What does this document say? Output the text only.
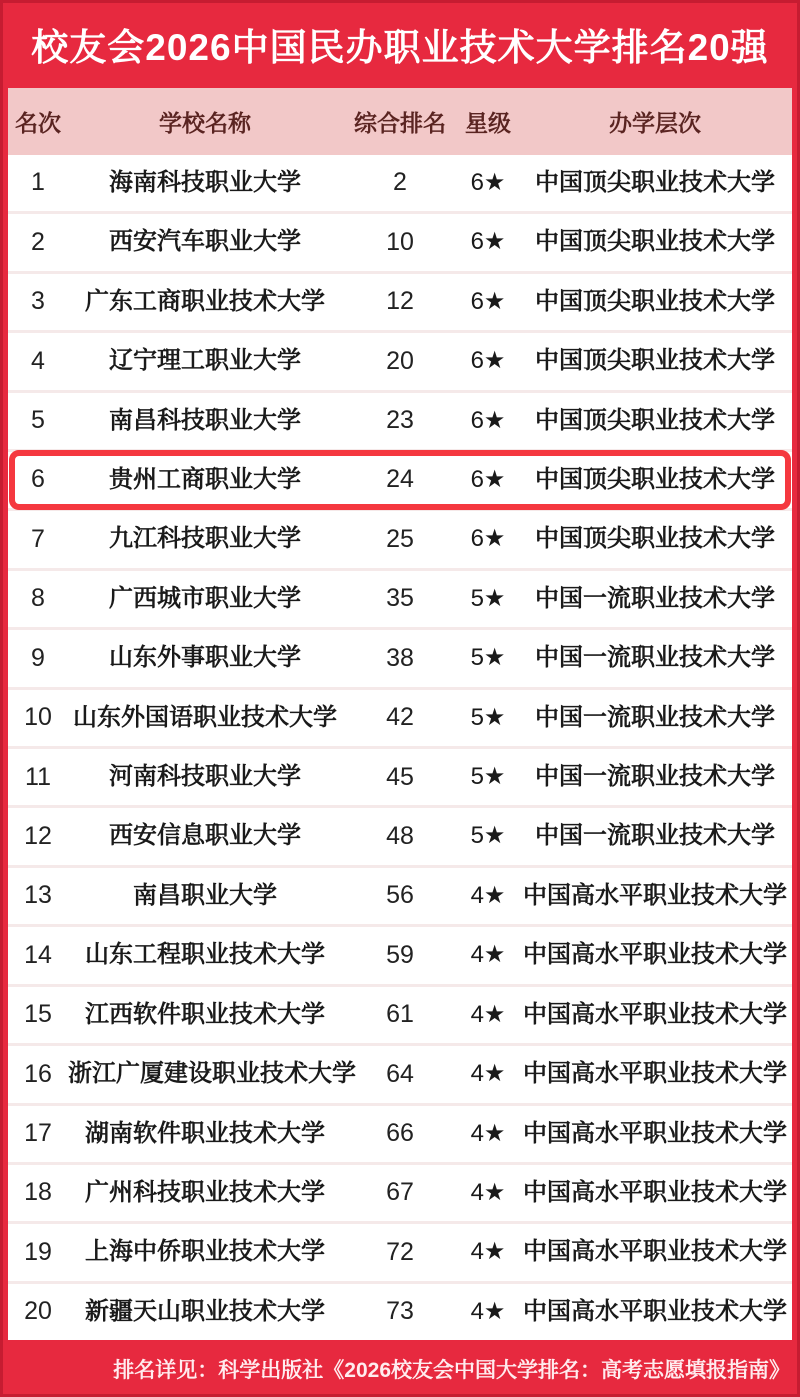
校友会2026中国民办职业技术大学排名20强
名次	学校名称	综合排名 星级	办学层次
1	海南科技职业大学	2	6★	中国顶尖职业技术大学
2	西安汽车职业大学	10	6★	中国顶尖职业技术大学
3	广东工商职业技术大学	12	6★	中国顶尖职业技术大学
4	辽宁理工职业大学	20	6★	中国顶尖职业技术大学
5	南昌科技职业大学	23	6★	中国顶尖职业技术大学
6	贵州工商职业大学	24	6★	中国顶尖职业技术大学
7	九江科技职业大学	25	6★	中国顶尖职业技术大学
8	广西城市职业大学	35	5★	中国一流职业技术大学
9	山东外事职业大学	38	5★	中国一流职业技术大学
10 山东外国语职业技术大学	42	5★	中国一流职业技术大学
11	河南科技职业大学	45	5★	中国一流职业技术大学
12	西安信息职业大学	48	5★	中国一流职业技术大学
13	南昌职业大学	56	4★ 中国高水平职业技术大学
14	山东工程职业技术大学	59	4★ 中国高水平职业技术大学
15	江西软件职业技术大学	61	4★ 中国高水平职业技术大学
16 浙江广厦建设职业技术大学	64	4★ 中国高水平职业技术大学
17	湖南软件职业技术大学	66	4★ 中国高水平职业技术大学
18	广州科技职业技术大学	67	4★ 中国高水平职业技术大学
19	上海中侨职业技术大学	72	4★ 中国高水平职业技术大学
20	新疆天山职业技术大学	73	4★ 中国高水平职业技术大学
排名详见：科学出版社《2026校友会中国大学排名：高考志愿填报指南》
